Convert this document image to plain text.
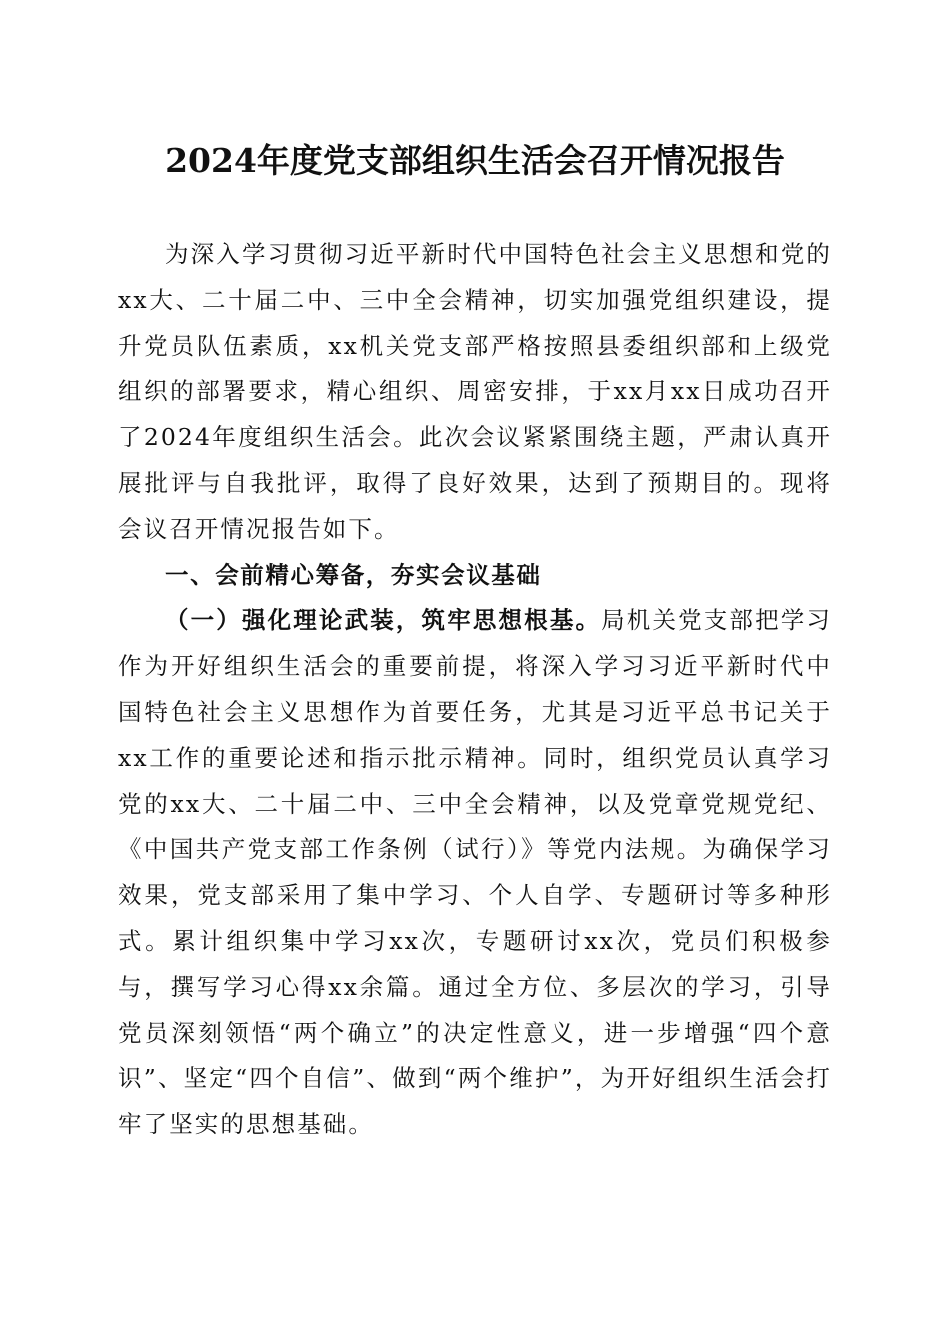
2024年度党支部组织生活会召开情况报告

为深入学习贯彻习近平新时代中国特色社会主义思想和党的xx大、二十届二中、三中全会精神，切实加强党组织建设，提升党员队伍素质，xx机关党支部严格按照县委组织部和上级党组织的部署要求，精心组织、周密安排，于xx月xx日成功召开了2024年度组织生活会。此次会议紧紧围绕主题，严肃认真开展批评与自我批评，取得了良好效果，达到了预期目的。现将会议召开情况报告如下。

一、会前精心筹备，夯实会议基础

（一）强化理论武装，筑牢思想根基。局机关党支部把学习作为开好组织生活会的重要前提，将深入学习习近平新时代中国特色社会主义思想作为首要任务，尤其是习近平总书记关于xx工作的重要论述和指示批示精神。同时，组织党员认真学习党的xx大、二十届二中、三中全会精神，以及党章党规党纪、《中国共产党支部工作条例（试行）》等党内法规。为确保学习效果，党支部采用了集中学习、个人自学、专题研讨等多种形式。累计组织集中学习xx次，专题研讨xx次，党员们积极参与，撰写学习心得xx余篇。通过全方位、多层次的学习，引导党员深刻领悟“两个确立”的决定性意义，进一步增强“四个意识”、坚定“四个自信”、做到“两个维护”，为开好组织生活会打牢了坚实的思想基础。
